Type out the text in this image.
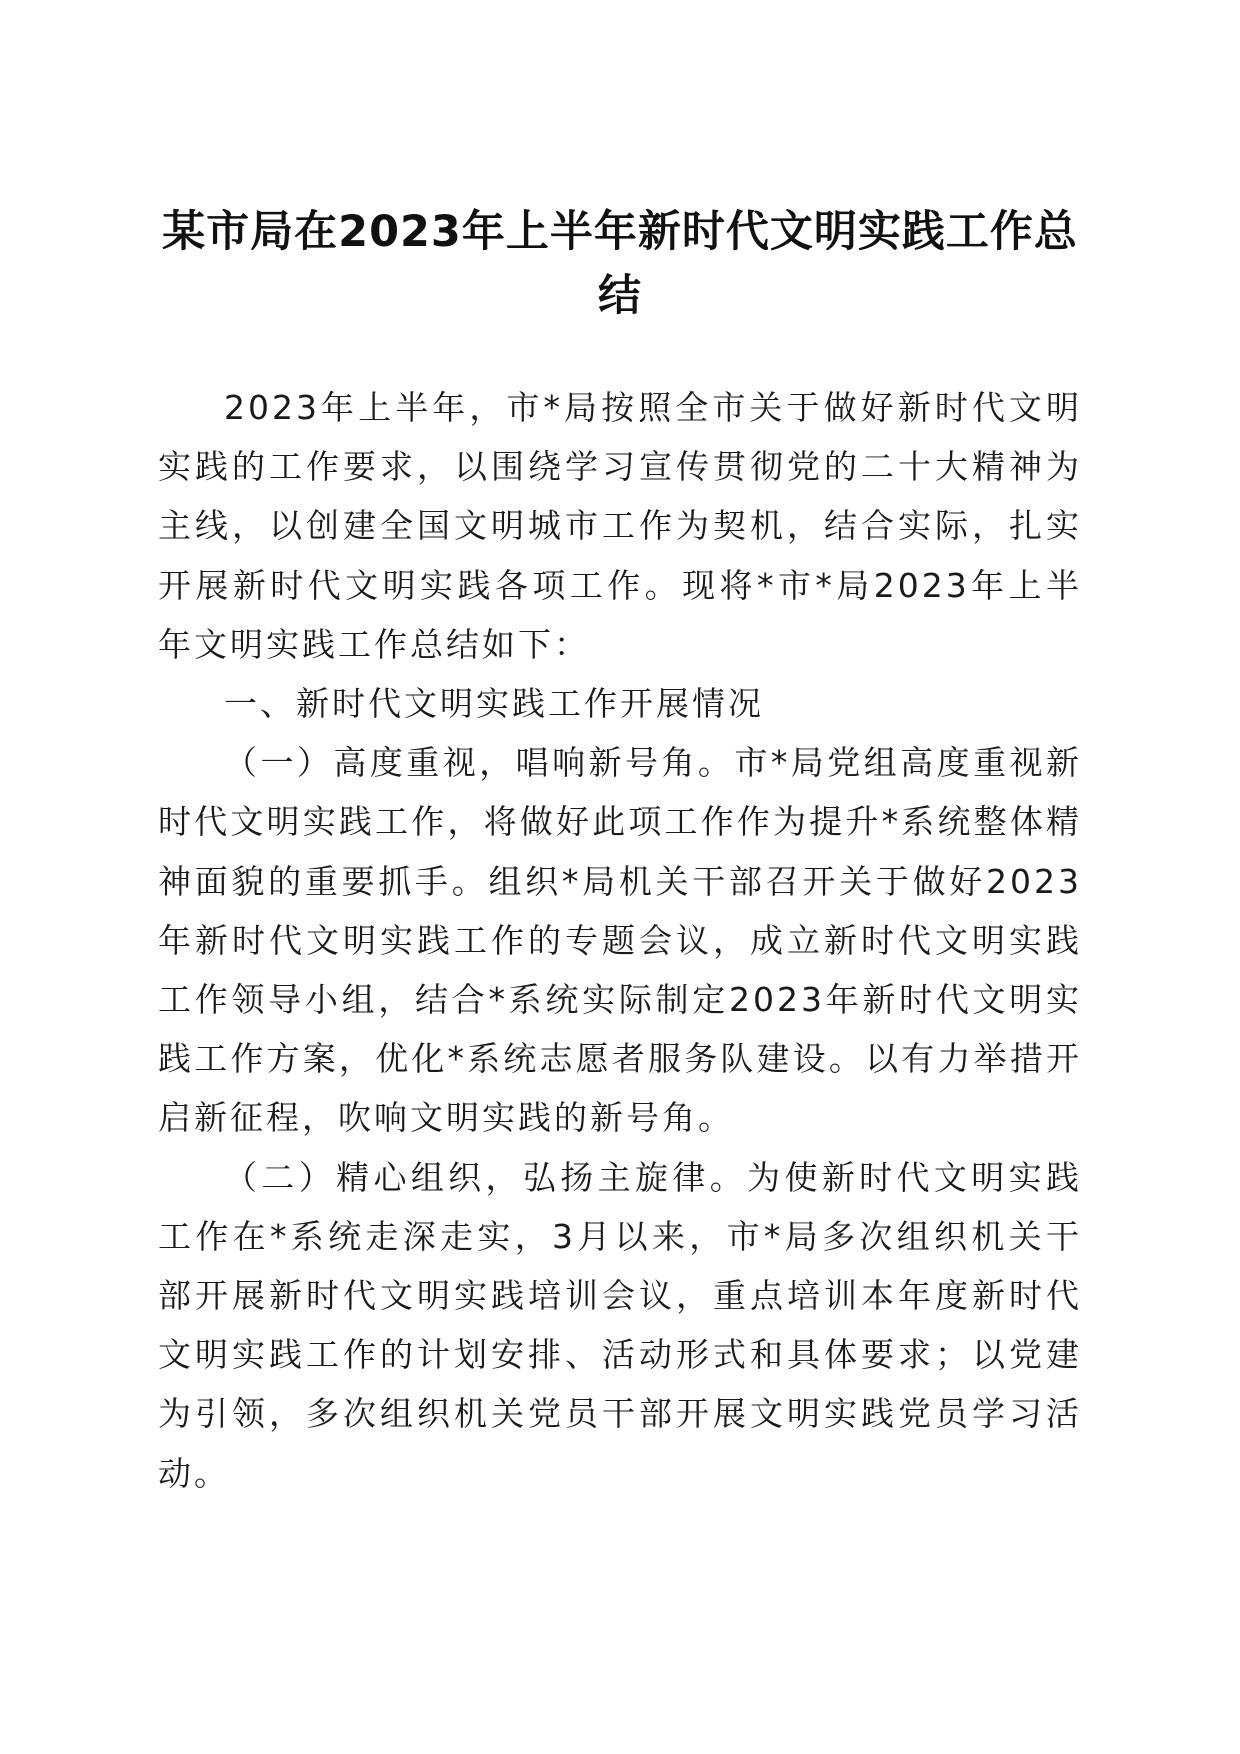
某市局在2023年上半年新时代文明实践工作总结

2023年上半年，市*局按照全市关于做好新时代文明实践的工作要求，以围绕学习宣传贯彻党的二十大精神为主线，以创建全国文明城市工作为契机，结合实际，扎实开展新时代文明实践各项工作。现将*市*局2023年上半年文明实践工作总结如下：

一、新时代文明实践工作开展情况

（一）高度重视，唱响新号角。市*局党组高度重视新时代文明实践工作，将做好此项工作作为提升*系统整体精神面貌的重要抓手。组织*局机关干部召开关于做好2023年新时代文明实践工作的专题会议，成立新时代文明实践工作领导小组，结合*系统实际制定2023年新时代文明实践工作方案，优化*系统志愿者服务队建设。以有力举措开启新征程，吹响文明实践的新号角。

（二）精心组织，弘扬主旋律。为使新时代文明实践工作在*系统走深走实，3月以来，市*局多次组织机关干部开展新时代文明实践培训会议，重点培训本年度新时代文明实践工作的计划安排、活动形式和具体要求；以党建为引领，多次组织机关党员干部开展文明实践党员学习活动。
